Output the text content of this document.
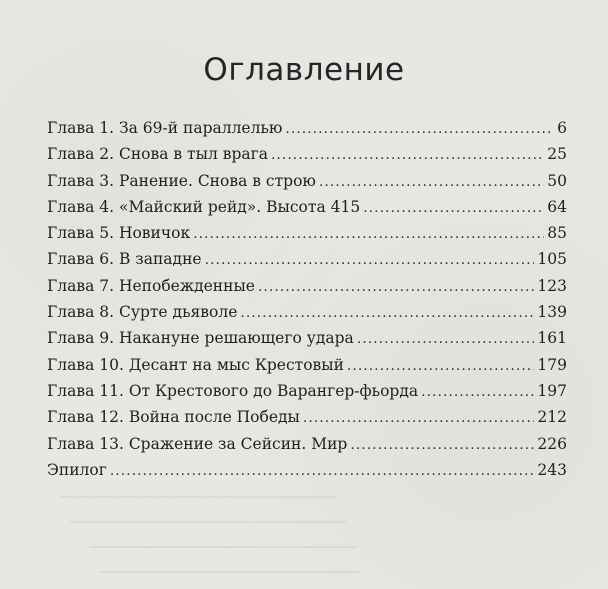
───────────────────────────────
───────────────────────────────
──────────────────────────────
─────────────────────────────
Оглавление
Глава 1. За 69-й параллелью .....	6
Глава 2. Снова в тыл врага .....	25
Глава 3. Ранение. Снова в строю .....	50
Глава 4. «Майский рейд». Высота 415 .....	64
Глава 5. Новичок .....	85
Глава 6. В западне .....	105
Глава 7. Непобежденные .....	123
Глава 8. Сурте дьяволе .....	139
Глава 9. Накануне решающего удара .....	161
Глава 10. Десант на мыс Крестовый .....	179
Глава 11. От Крестового до Варангер-фьорда .....	197
Глава 12. Война после Победы .....	212
Глава 13. Сражение за Сейсин. Мир .....	226
Эпилог .....	243
